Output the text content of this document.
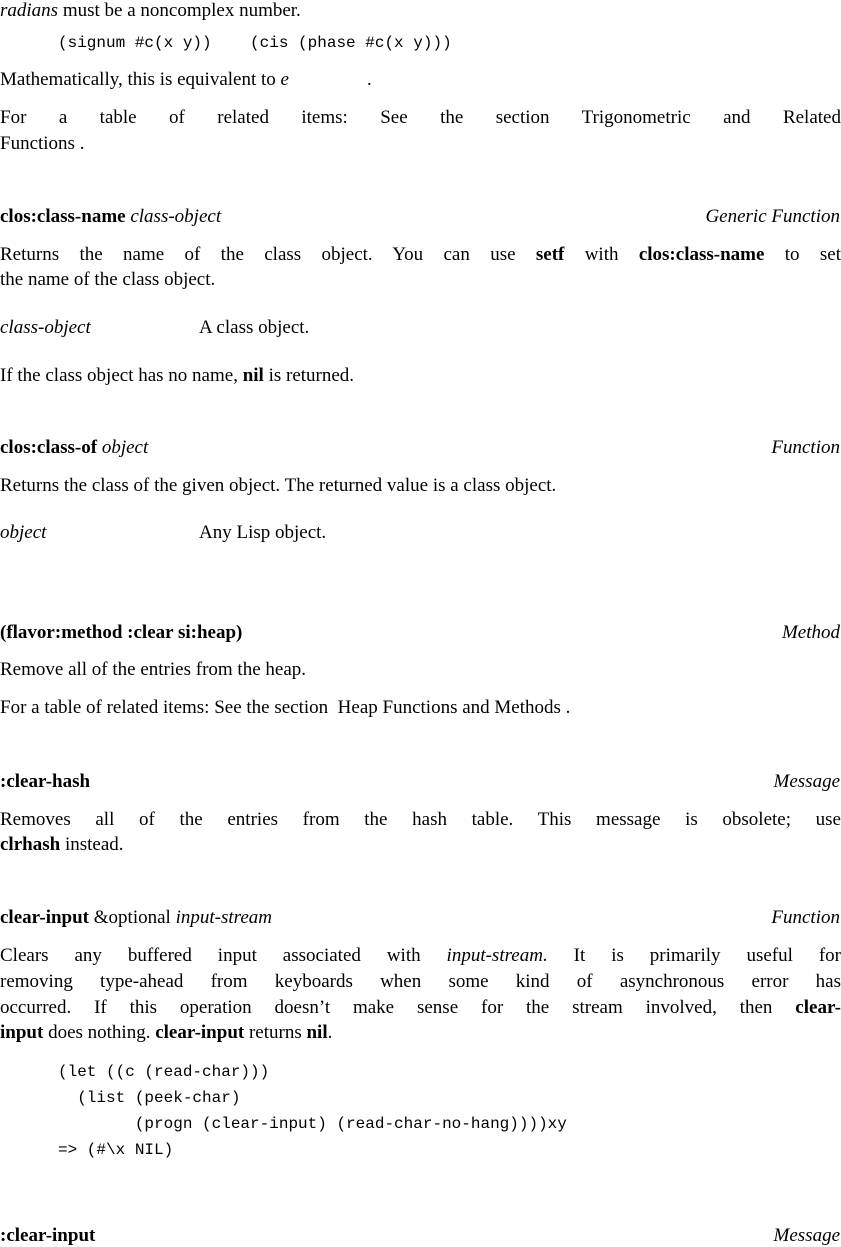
radians must be a noncomplex number.
(signum #c(x y))    (cis (phase #c(x y)))
Mathematically, this is equivalent to e	.
For a table of related items: See the section Trigonometric and Related
Functions .
clos:class-name class-object	Generic Function
Returns the name of the class object. You can use setf with clos:class-name to set
the name of the class object.
class-object	A class object.
If the class object has no name, nil is returned.
clos:class-of object	Function
Returns the class of the given object. The returned value is a class object.
object	Any Lisp object.
(flavor:method :clear si:heap)	Method
Remove all of the entries from the heap.
For a table of related items: See the section  Heap Functions and Methods .
:clear-hash	Message
Removes all of the entries from the hash table. This message is obsolete; use
clrhash instead.
clear-input &optional input-stream	Function
Clears any buffered input associated with input-stream. It is primarily useful for
removing type-ahead from keyboards when some kind of asynchronous error has
occurred. If this operation doesn’t make sense for the stream involved, then clear-
input does nothing. clear-input returns nil.
(let ((c (read-char)))
(list (peek-char)
(progn (clear-input) (read-char-no-hang))))xy
=> (#\x NIL)
:clear-input	Message
